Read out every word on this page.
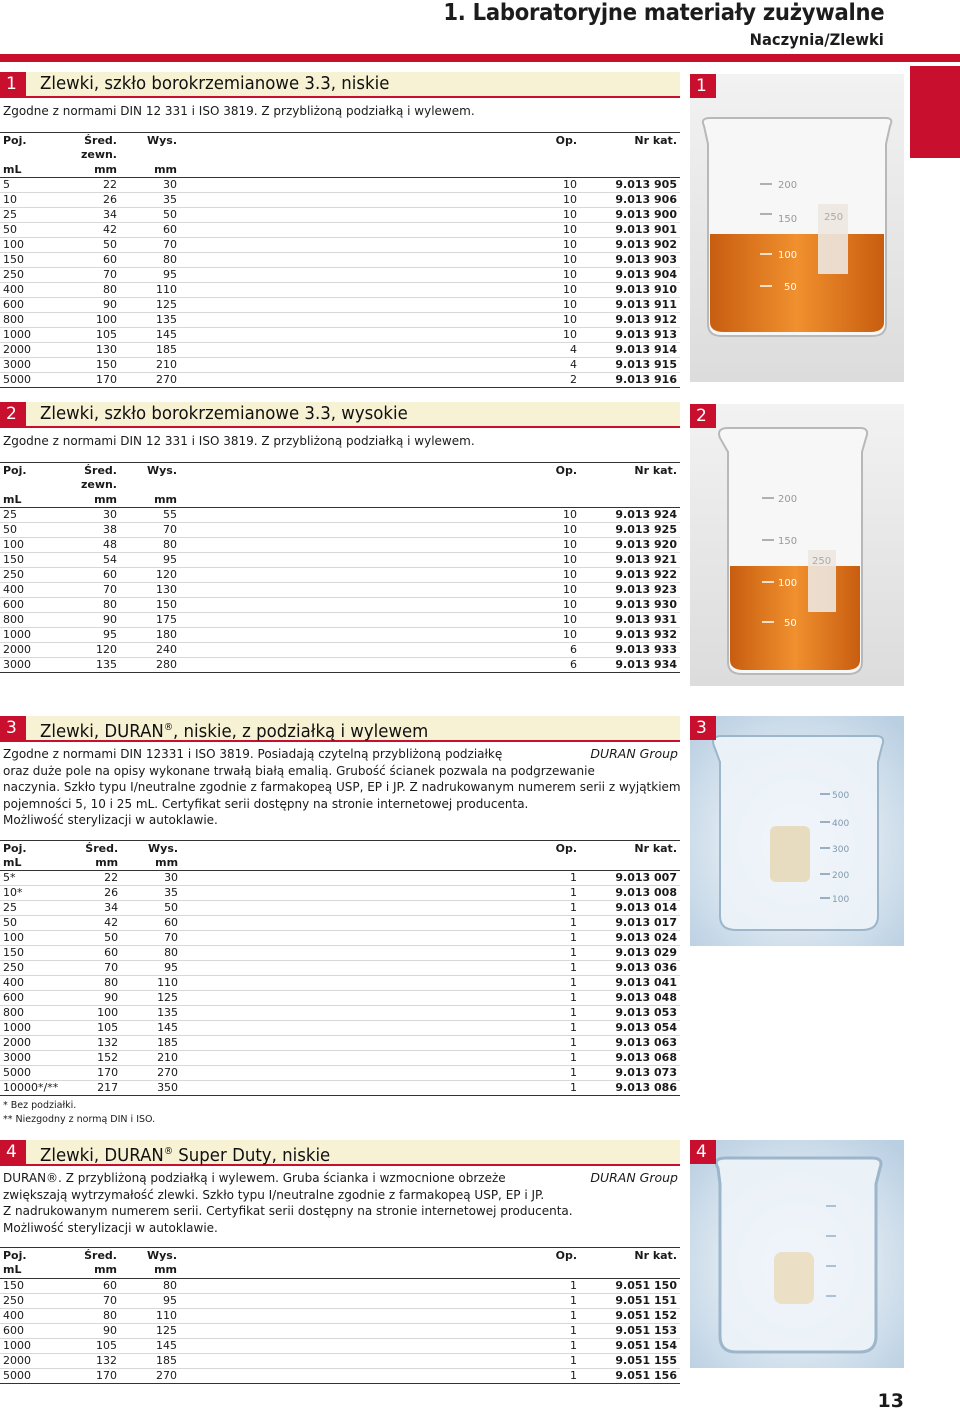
1. Laboratoryjne materiały zużywalne
Naczynia/Zlewki
1	Zlewki, szkło borokrzemianowe 3.3, niskie
Zgodne z normami DIN 12 331 i ISO 3819. Z przybliżoną podziałką i wylewem.
Poj.	Śred.	Wys.			Op.	Nr kat.
	zewn.					
mL	mm	mm				
5	22	30			10	9.013 905
10	26	35			10	9.013 906
25	34	50			10	9.013 900
50	42	60			10	9.013 901
100	50	70			10	9.013 902
150	60	80			10	9.013 903
250	70	95			10	9.013 904
400	80	110			10	9.013 910
600	90	125			10	9.013 911
800	100	135			10	9.013 912
1000	105	145			10	9.013 913
2000	130	185			4	9.013 914
3000	150	210			4	9.013 915
5000	170	270			2	9.013 916
2	Zlewki, szkło borokrzemianowe 3.3, wysokie
Zgodne z normami DIN 12 331 i ISO 3819. Z przybliżoną podziałką i wylewem.
Poj.	Śred.	Wys.			Op.	Nr kat.
	zewn.					
mL	mm	mm				
25	30	55			10	9.013 924
50	38	70			10	9.013 925
100	48	80			10	9.013 920
150	54	95			10	9.013 921
250	60	120			10	9.013 922
400	70	130			10	9.013 923
600	80	150			10	9.013 930
800	90	175			10	9.013 931
1000	95	180			10	9.013 932
2000	120	240			6	9.013 933
3000	135	280			6	9.013 934
3	Zlewki, DURAN®, niskie, z podziałką i wylewem
Zgodne z normami DIN 12331 i ISO 3819. Posiadają czytelną przybliżoną podziałkę	DURAN Group
oraz duże pole na opisy wykonane trwałą białą emalią. Grubość ścianek pozwala na podgrzewanie
naczynia. Szkło typu I/neutralne zgodnie z farmakopeą USP, EP i JP. Z nadrukowanym numerem serii z wyjątkiem
pojemności 5, 10 i 25 mL. Certyfikat serii dostępny na stronie internetowej producenta.
Możliwość sterylizacji w autoklawie.
Poj.	Śred.	Wys.			Op.	Nr kat.
mL	mm	mm				
5*	22	30			1	9.013 007
10*	26	35			1	9.013 008
25	34	50			1	9.013 014
50	42	60			1	9.013 017
100	50	70			1	9.013 024
150	60	80			1	9.013 029
250	70	95			1	9.013 036
400	80	110			1	9.013 041
600	90	125			1	9.013 048
800	100	135			1	9.013 053
1000	105	145			1	9.013 054
2000	132	185			1	9.013 063
3000	152	210			1	9.013 068
5000	170	270			1	9.013 073
10000*/**	217	350			1	9.013 086
* Bez podziałki.
** Niezgodny z normą DIN i ISO.
4	Zlewki, DURAN® Super Duty, niskie
DURAN®. Z przybliżoną podziałką i wylewem. Gruba ścianka i wzmocnione obrzeże	DURAN Group
zwiększają wytrzymałość zlewki. Szkło typu I/neutralne zgodnie z farmakopeą USP, EP i JP.
Z nadrukowanym numerem serii. Certyfikat serii dostępny na stronie internetowej producenta.
Możliwość sterylizacji w autoklawie.
Poj.	Śred.	Wys.			Op.	Nr kat.
mL	mm	mm				
150	60	80			1	9.051 150
250	70	95			1	9.051 151
400	80	110			1	9.051 152
600	90	125			1	9.051 153
1000	105	145			1	9.051 154
2000	132	185			1	9.051 155
5000	170	270			1	9.051 156
1
200
150
100
50
250
2
200
150
100
50
250
3
500
400
300
200
100
4
13
